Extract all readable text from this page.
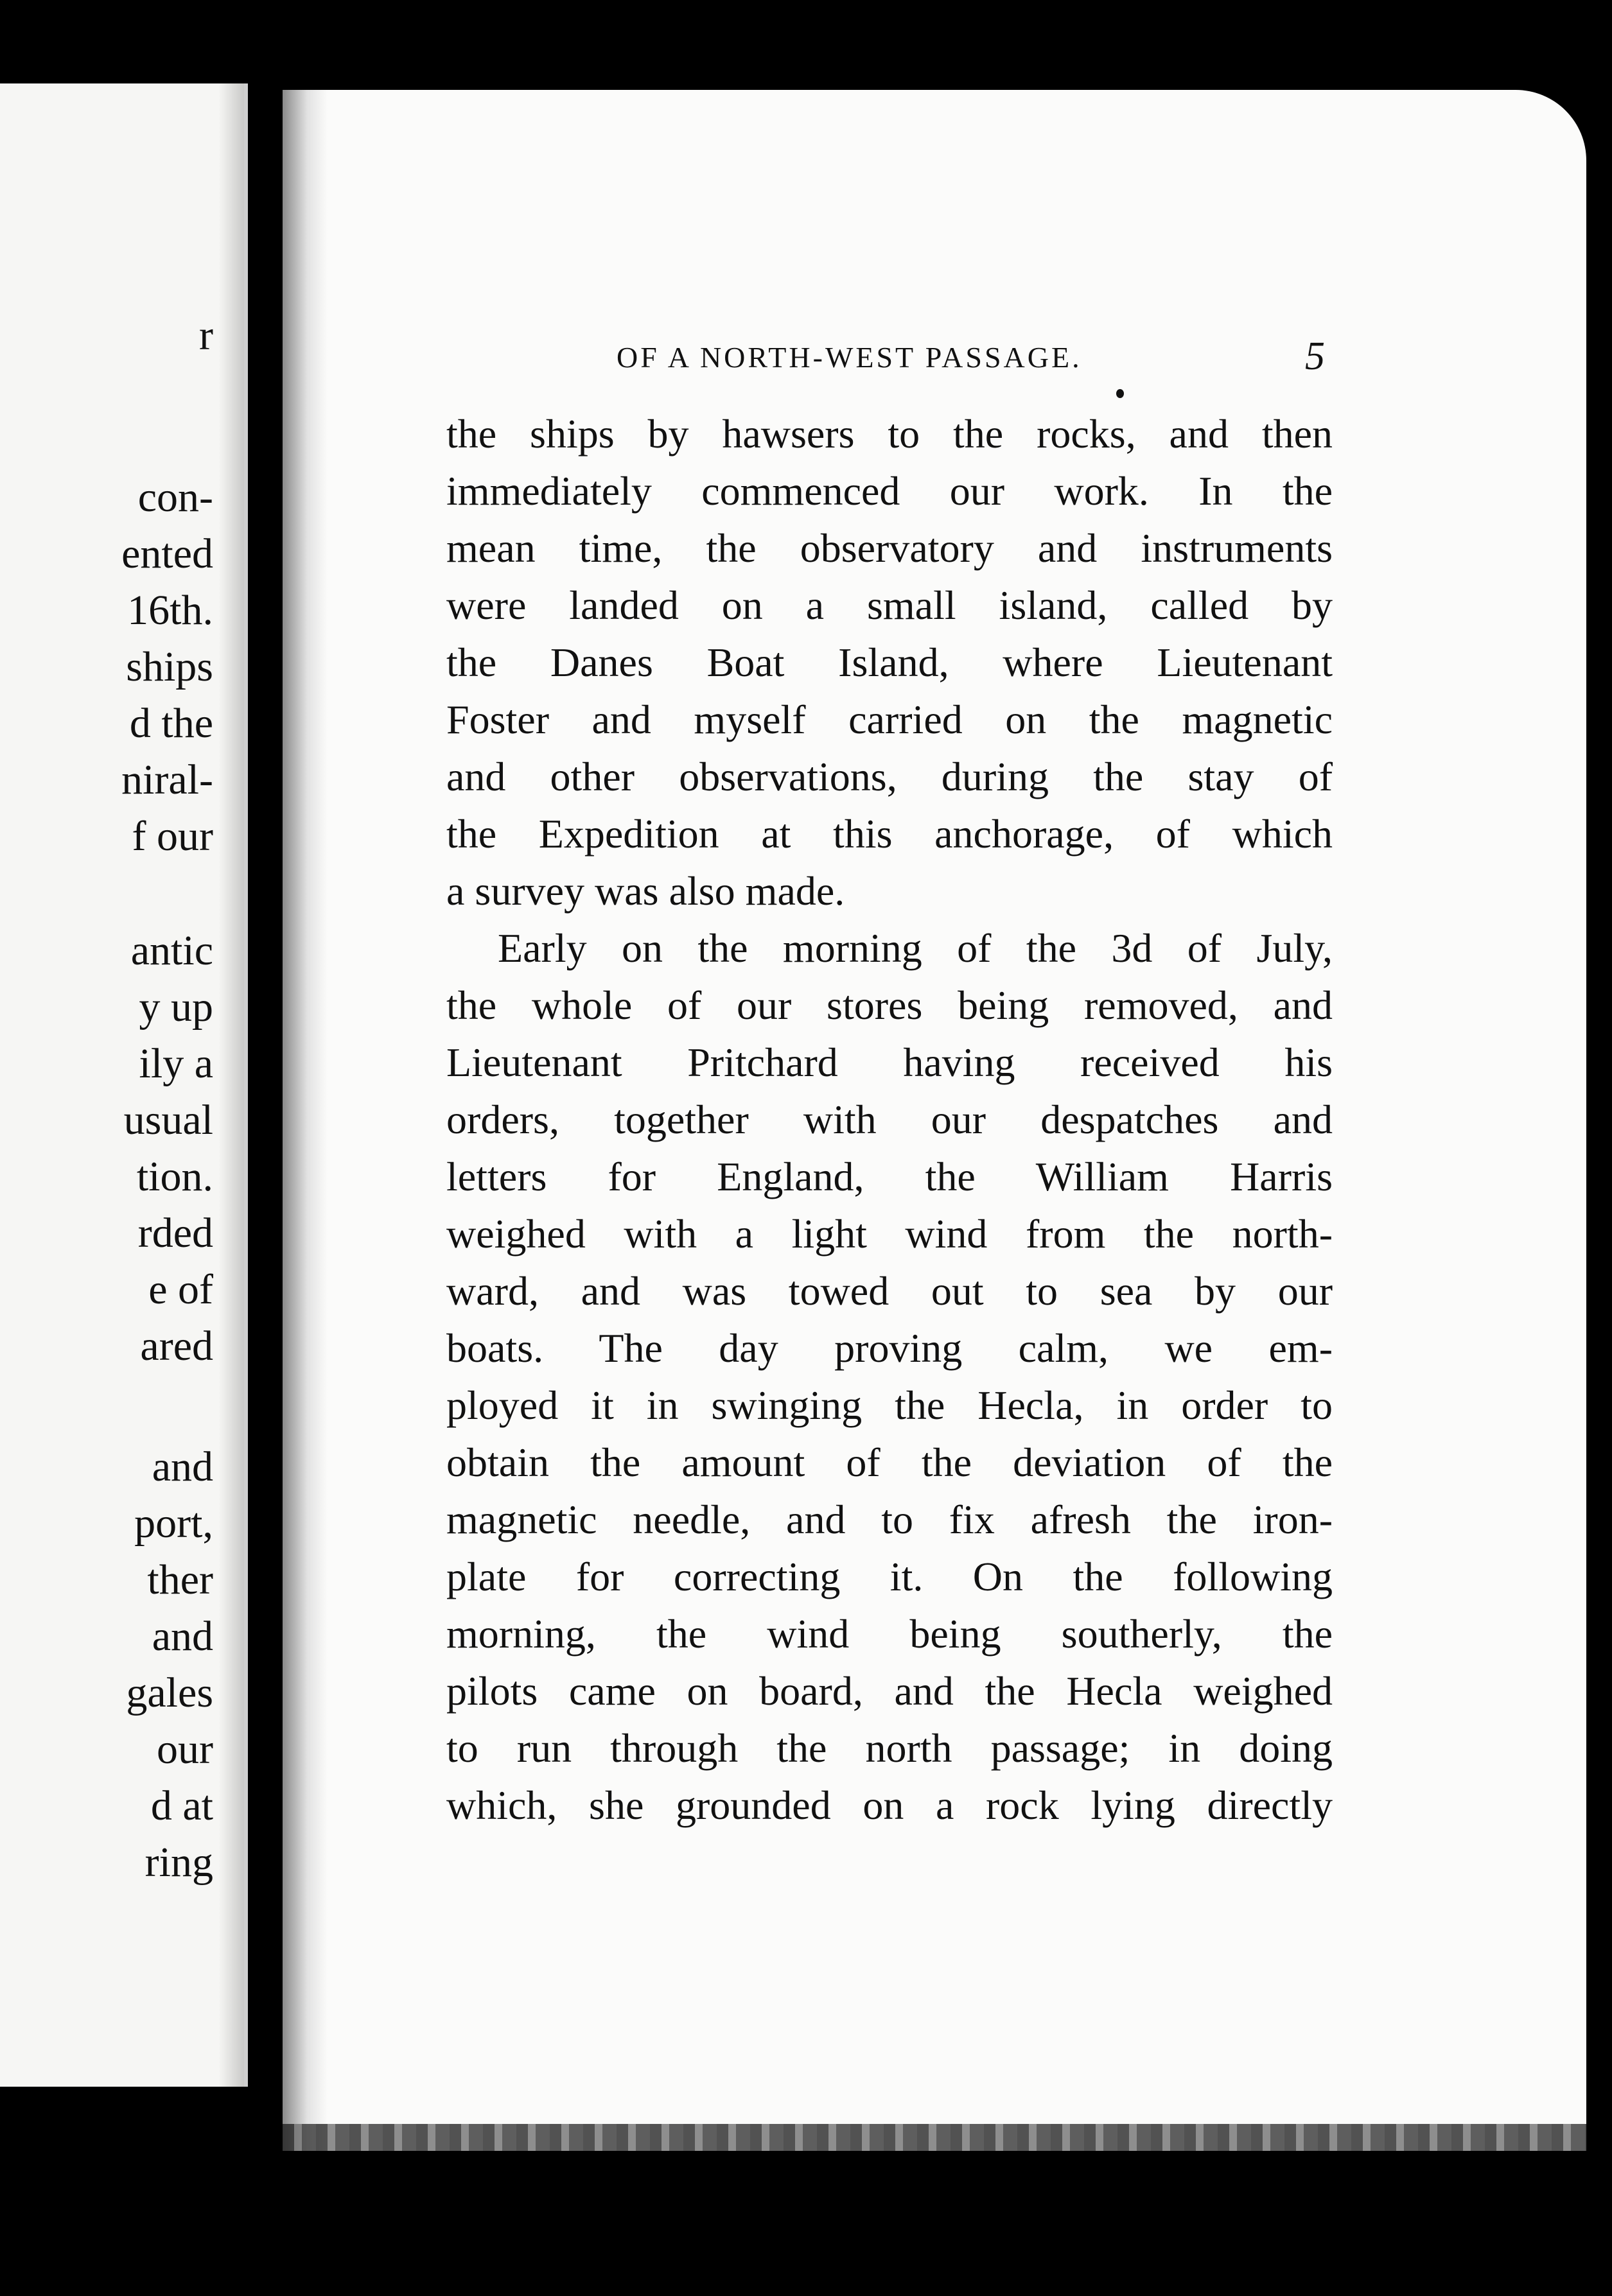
r
con-
ented
16th.
ships
d the
niral-
f our
antic
y up
ily a
usual
tion.
rded
e of
ared
and
port,
ther
and
gales
our
d at
ring
OF A NORTH-WEST PASSAGE.	5
the ships by hawsers to the rocks, and then
immediately commenced our work. In the
mean time, the observatory and instruments
were landed on a small island, called by
the Danes Boat Island, where Lieutenant
Foster and myself carried on the magnetic
and other observations, during the stay of
the Expedition at this anchorage, of which
a survey was also made.
Early on the morning of the 3d of July,
the whole of our stores being removed, and
Lieutenant Pritchard having received his
orders, together with our despatches and
letters for England, the William Harris
weighed with a light wind from the north-
ward, and was towed out to sea by our
boats. The day proving calm, we em-
ployed it in swinging the Hecla, in order to
obtain the amount of the deviation of the
magnetic needle, and to fix afresh the iron-
plate for correcting it. On the following
morning, the wind being southerly, the
pilots came on board, and the Hecla weighed
to run through the north passage; in doing
which, she grounded on a rock lying directly
